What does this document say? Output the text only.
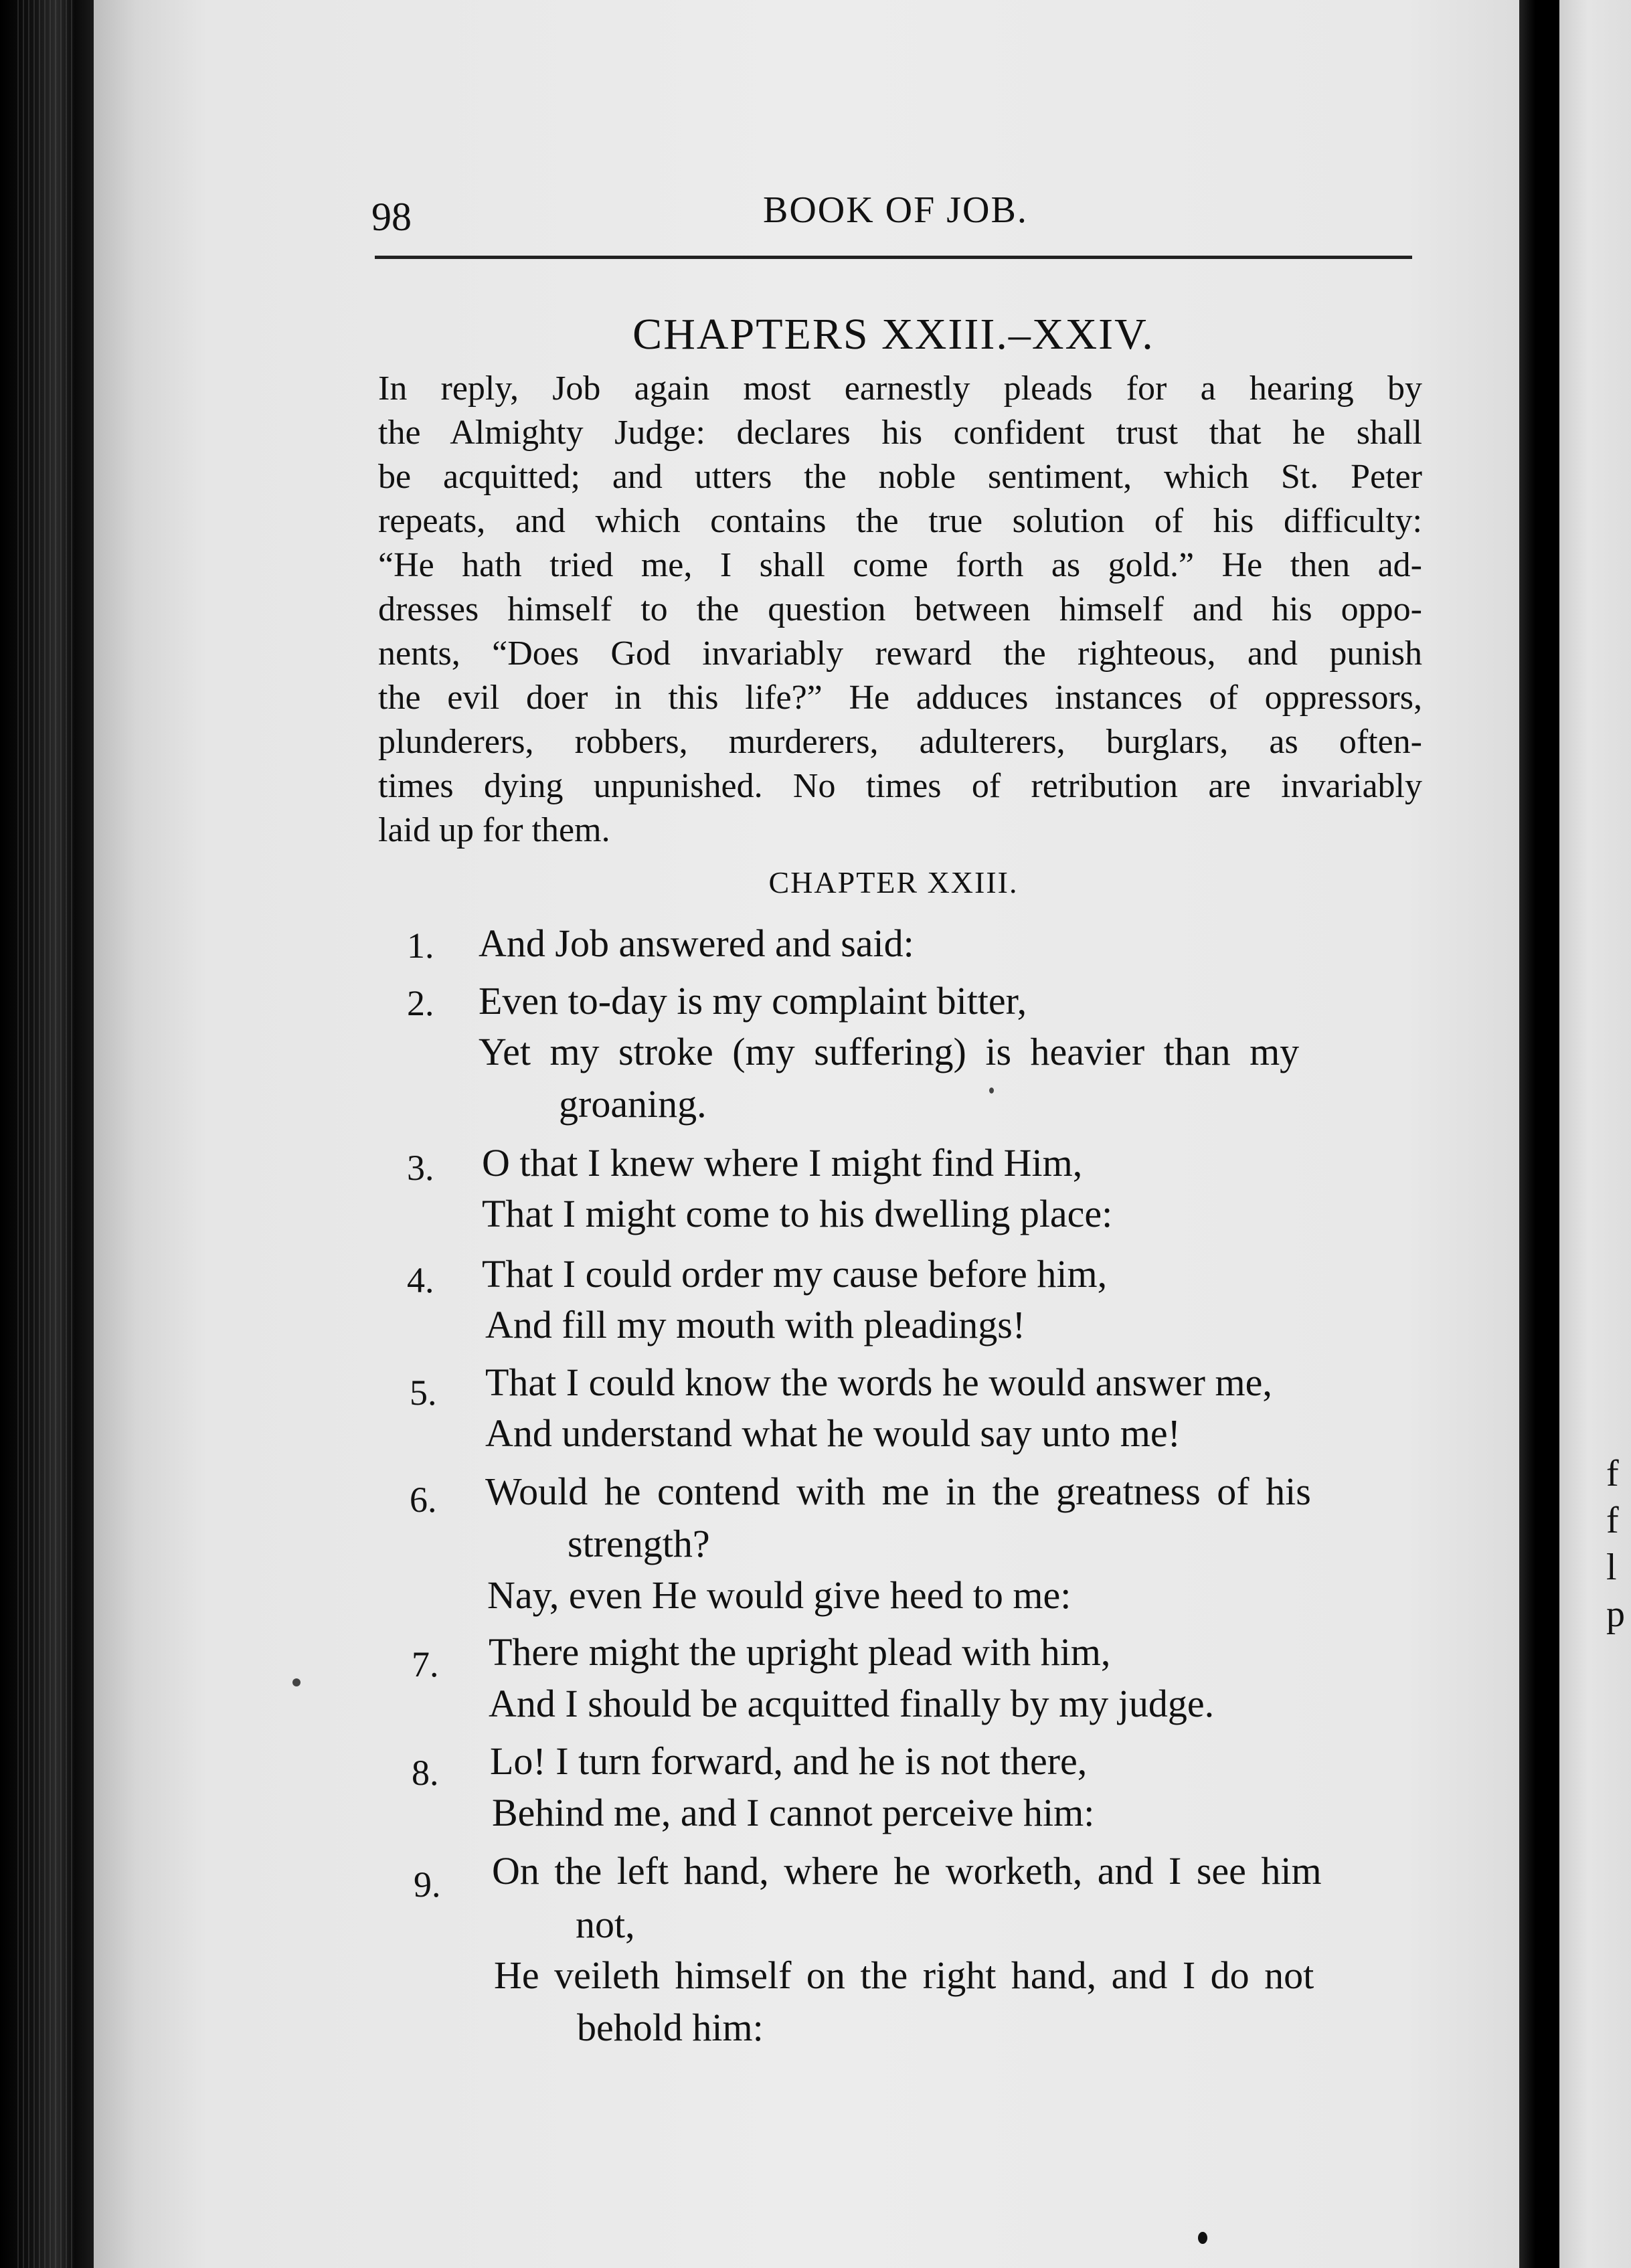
f
f
l
p
98	BOOK OF JOB.
CHAPTERS XXIII.–XXIV.
In reply, Job again most earnestly pleads for a hearing by
the Almighty Judge: declares his confident trust that he shall
be acquitted; and utters the noble sentiment, which St. Peter
repeats, and which contains the true solution of his difficulty:
“He hath tried me, I shall come forth as gold.” He then ad-
dresses himself to the question between himself and his oppo-
nents, “Does God invariably reward the righteous, and punish
the evil doer in this life?” He adduces instances of oppressors,
plunderers, robbers, murderers, adulterers, burglars, as often-
times dying unpunished. No times of retribution are invariably
laid up for them.
CHAPTER XXIII.
1. And Job answered and said:
2. Even to-day is my complaint bitter,
Yet my stroke (my suffering) is heavier than my
groaning.
3. O that I knew where I might find Him,
That I might come to his dwelling place:
4. That I could order my cause before him,
And fill my mouth with pleadings!
5. That I could know the words he would answer me,
And understand what he would say unto me!
6. Would he contend with me in the greatness of his
strength?
Nay, even He would give heed to me:
7. There might the upright plead with him,
And I should be acquitted finally by my judge.
8. Lo! I turn forward, and he is not there,
Behind me, and I cannot perceive him:
9. On the left hand, where he worketh, and I see him
not,
He veileth himself on the right hand, and I do not
behold him:
